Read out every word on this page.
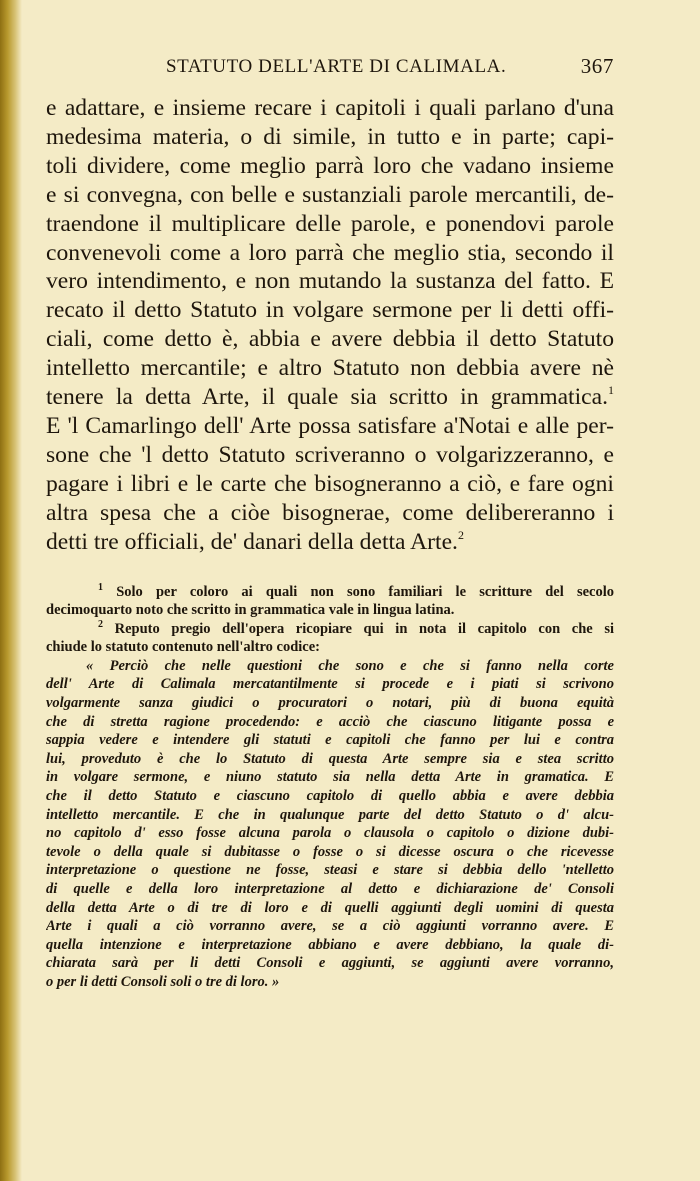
STATUTO DELL'ARTE DI CALIMALA.	367
e adattare, e insieme recare i capitoli i quali parlano d'una
medesima materia, o di simile, in tutto e in parte; capi-
toli dividere, come meglio parrà loro che vadano insieme
e si convegna, con belle e sustanziali parole mercantili, de-
traendone il multiplicare delle parole, e ponendovi parole
convenevoli come a loro parrà che meglio stia, secondo il
vero intendimento, e non mutando la sustanza del fatto. E
recato il detto Statuto in volgare sermone per li detti offi-
ciali, come detto è, abbia e avere debbia il detto Statuto
intelletto mercantile; e altro Statuto non debbia avere nè
tenere la detta Arte, il quale sia scritto in grammatica.$^1$
E 'l Camarlingo dell' Arte possa satisfare a'Notai e alle per-
sone che 'l detto Statuto scriveranno o volgarizzeranno, e
pagare i libri e le carte che bisogneranno a ciò, e fare ogni
altra spesa che a ciòe bisognerae, come delibereranno i
detti tre officiali, de' danari della detta Arte.$^2$
$^1$ Solo per coloro ai quali non sono familiari le scritture del secolo
decimoquarto noto che scritto in grammatica vale in lingua latina.
$^2$ Reputo pregio dell'opera ricopiare qui in nota il capitolo con che si
chiude lo statuto contenuto nell'altro codice:
« Perciò che nelle questioni che sono e che si fanno nella corte
dell' Arte di Calimala mercatantilmente si procede e i piati si scrivono
volgarmente sanza giudici o procuratori o notari, più di buona equità
che di stretta ragione procedendo: e acciò che ciascuno litigante possa e
sappia vedere e intendere gli statuti e capitoli che fanno per lui e contra
lui, proveduto è che lo Statuto di questa Arte sempre sia e stea scritto
in volgare sermone, e niuno statuto sia nella detta Arte in gramatica. E
che il detto Statuto e ciascuno capitolo di quello abbia e avere debbia
intelletto mercantile. E che in qualunque parte del detto Statuto o d' alcu-
no capitolo d' esso fosse alcuna parola o clausola o capitolo o dizione dubi-
tevole o della quale si dubitasse o fosse o si dicesse oscura o che ricevesse
interpretazione o questione ne fosse, steasi e stare si debbia dello 'ntelletto
di quelle e della loro interpretazione al detto e dichiarazione de' Consoli
della detta Arte o di tre di loro e di quelli aggiunti degli uomini di questa
Arte i quali a ciò vorranno avere, se a ciò aggiunti vorranno avere. E
quella intenzione e interpretazione abbiano e avere debbiano, la quale di-
chiarata sarà per li detti Consoli e aggiunti, se aggiunti avere vorranno,
o per li detti Consoli soli o tre di loro. »
